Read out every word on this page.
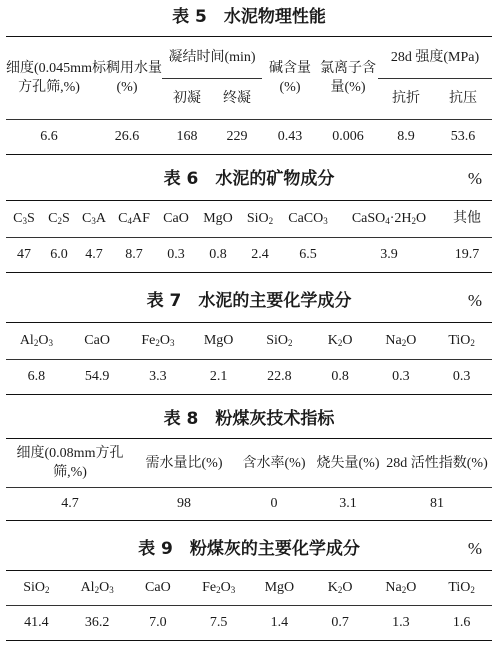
表 5　水泥物理性能
细度(0.045mm方孔筛,%)	标稠用水量(%)	凝结时间(min)		碱含量(%)	氯离子含量(%)	28d 强度(MPa)	
		初凝	终凝			抗折	抗压
6.6	26.6	168	229	0.43	0.006	8.9	53.6
表 6　水泥的矿物成分	%
$C_3S$	$C_2S$	$C_3A$	$C_4AF$	CaO	MgO	SiO$_2$	CaCO$_3$	$CaSO_4\cdot 2H_2O$	其他
47	6.0	4.7	8.7	0.3	0.8	2.4	6.5	3.9	19.7
表 7　水泥的主要化学成分	%
$Al_2O_3$	CaO	$Fe_2O_3$	MgO	SiO$_2$	$K_2O$	$Na_2O$	TiO$_2$
6.8	54.9	3.3	2.1	22.8	0.8	0.3	0.3
表 8　粉煤灰技术指标
细度(0.08mm方孔筛,%)	需水量比(%)	含水率(%)	烧失量(%)	28d 活性指数(%)
4.7	98	0	3.1	81
表 9　粉煤灰的主要化学成分	%
SiO$_2$	$Al_2O_3$	CaO	$Fe_2O_3$	MgO	$K_2O$	$Na_2O$	TiO$_2$
41.4	36.2	7.0	7.5	1.4	0.7	1.3	1.6
